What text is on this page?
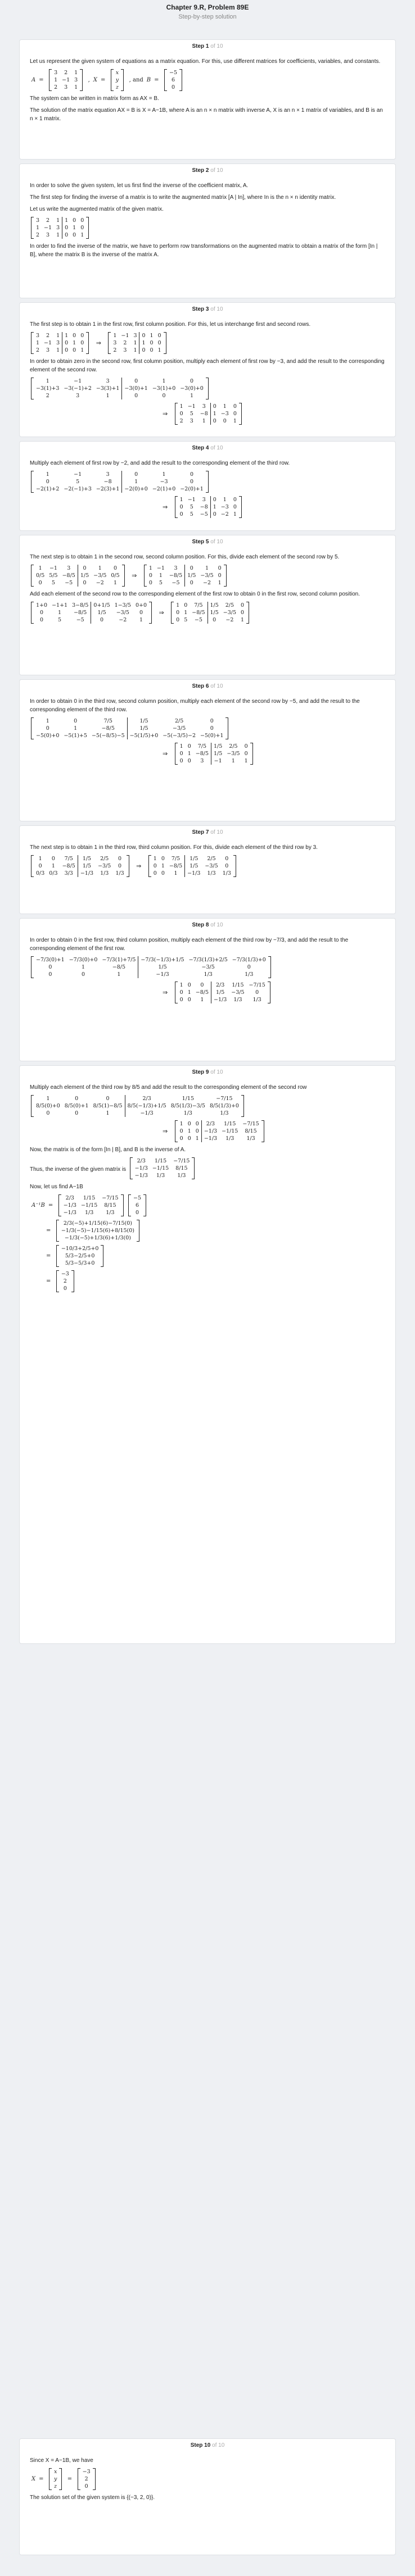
Chapter 9.R, Problem 89E
Step-by-step solution
Step 1 of 10
Let us represent the given system of equations as a matrix equation. For this, use different matrices for coefficients, variables, and constants.
A =
3	2	1
1	−1	3
2	3	1
, X =
x
y
z
, and B =
−5
6
0
The system can be written in matrix form as AX = B.
The solution of the matrix equation AX = B is X = A−1B, where A is an n × n matrix with inverse A, X is an n × 1 matrix of variables, and B is an n × 1 matrix.
Step 2 of 10
In order to solve the given system, let us first find the inverse of the coefficient matrix, A.
The first step for finding the inverse of a matrix is to write the augmented matrix [A | In], where In is the n × n identity matrix.
Let us write the augmented matrix of the given matrix.
3	2	1	1	0	0
1	−1	3	0	1	0
2	3	1	0	0	1
In order to find the inverse of the matrix, we have to perform row transformations on the augmented matrix to obtain a matrix of the form [In | B], where the matrix B is the inverse of the matrix A.
Step 3 of 10
The first step is to obtain 1 in the first row, first column position. For this, let us interchange first and second rows.
3	2	1	1	0	0
1	−1	3	0	1	0
2	3	1	0	0	1
⇒
1	−1	3	0	1	0
3	2	1	1	0	0
2	3	1	0	0	1
In order to obtain zero in the second row, first column position, multiply each element of first row by −3, and add the result to the corresponding element of the second row.
1	−1	3	0	1	0
−3(1)+3	−3(−1)+2	−3(3)+1	−3(0)+1	−3(1)+0	−3(0)+0
2	3	1	0	0	1
⇒
1	−1	3	0	1	0
0	5	−8	1	−3	0
2	3	1	0	0	1
Step 4 of 10
Multiply each element of first row by −2, and add the result to the corresponding element of the third row.
1	−1	3	0	1	0
0	5	−8	1	−3	0
−2(1)+2	−2(−1)+3	−2(3)+1	−2(0)+0	−2(1)+0	−2(0)+1
⇒
1	−1	3	0	1	0
0	5	−8	1	−3	0
0	5	−5	0	−2	1
Step 5 of 10
The next step is to obtain 1 in the second row, second column position. For this, divide each element of the second row by 5.
1	−1	3	0	1	0
0/5	5/5	−8/5	1/5	−3/5	0/5
0	5	−5	0	−2	1
⇒
1	−1	3	0	1	0
0	1	−8/5	1/5	−3/5	0
0	5	−5	0	−2	1
Add each element of the second row to the corresponding element of the first row to obtain 0 in the first row, second column position.
1+0	−1+1	3−8/5	0+1/5	1−3/5	0+0
0	1	−8/5	1/5	−3/5	0
0	5	−5	0	−2	1
⇒
1	0	7/5	1/5	2/5	0
0	1	−8/5	1/5	−3/5	0
0	5	−5	0	−2	1
Step 6 of 10
In order to obtain 0 in the third row, second column position, multiply each element of the second row by −5, and add the result to the corresponding element of the third row.
1	0	7/5	1/5	2/5	0
0	1	−8/5	1/5	−3/5	0
−5(0)+0	−5(1)+5	−5(−8/5)−5	−5(1/5)+0	−5(−3/5)−2	−5(0)+1
⇒
1	0	7/5	1/5	2/5	0
0	1	−8/5	1/5	−3/5	0
0	0	3	−1	1	1
Step 7 of 10
The next step is to obtain 1 in the third row, third column position. For this, divide each element of the third row by 3.
1	0	7/5	1/5	2/5	0
0	1	−8/5	1/5	−3/5	0
0/3	0/3	3/3	−1/3	1/3	1/3
⇒
1	0	7/5	1/5	2/5	0
0	1	−8/5	1/5	−3/5	0
0	0	1	−1/3	1/3	1/3
Step 8 of 10
In order to obtain 0 in the first row, third column position, multiply each element of the third row by −7/3, and add the result to the corresponding element of the first row.
−7/3(0)+1	−7/3(0)+0	−7/3(1)+7/5	−7/3(−1/3)+1/5	−7/3(1/3)+2/5	−7/3(1/3)+0
0	1	−8/5	1/5	−3/5	0
0	0	1	−1/3	1/3	1/3
⇒
1	0	0	2/3	1/15	−7/15
0	1	−8/5	1/5	−3/5	0
0	0	1	−1/3	1/3	1/3
Step 9 of 10
Multiply each element of the third row by 8/5 and add the result to the corresponding element of the second row
1	0	0	2/3	1/15	−7/15
8/5(0)+0	8/5(0)+1	8/5(1)−8/5	8/5(−1/3)+1/5	8/5(1/3)−3/5	8/5(1/3)+0
0	0	1	−1/3	1/3	1/3
⇒
1	0	0	2/3	1/15	−7/15
0	1	0	−1/3	−1/15	8/15
0	0	1	−1/3	1/3	1/3
Now, the matrix is of the form [In | B], and B is the inverse of A.
Thus, the inverse of the given matrix is
2/3	1/15	−7/15
−1/3	−1/15	8/15
−1/3	1/3	1/3
Now, let us find A−1B
A⁻¹B =
2/3	1/15	−7/15
−1/3	−1/15	8/15
−1/3	1/3	1/3

−5
6
0
=
2/3(−5)+1/15(6)−7/15(0)
−1/3(−5)−1/15(6)+8/15(0)
−1/3(−5)+1/3(6)+1/3(0)
=
−10/3+2/5+0
5/3−2/5+0
5/3−5/3+0
=
−3
2
0
Step 10 of 10
Since X = A−1B, we have
X =
x
y
z
=
−3
2
0
The solution set of the given system is {(−3, 2, 0)}.
